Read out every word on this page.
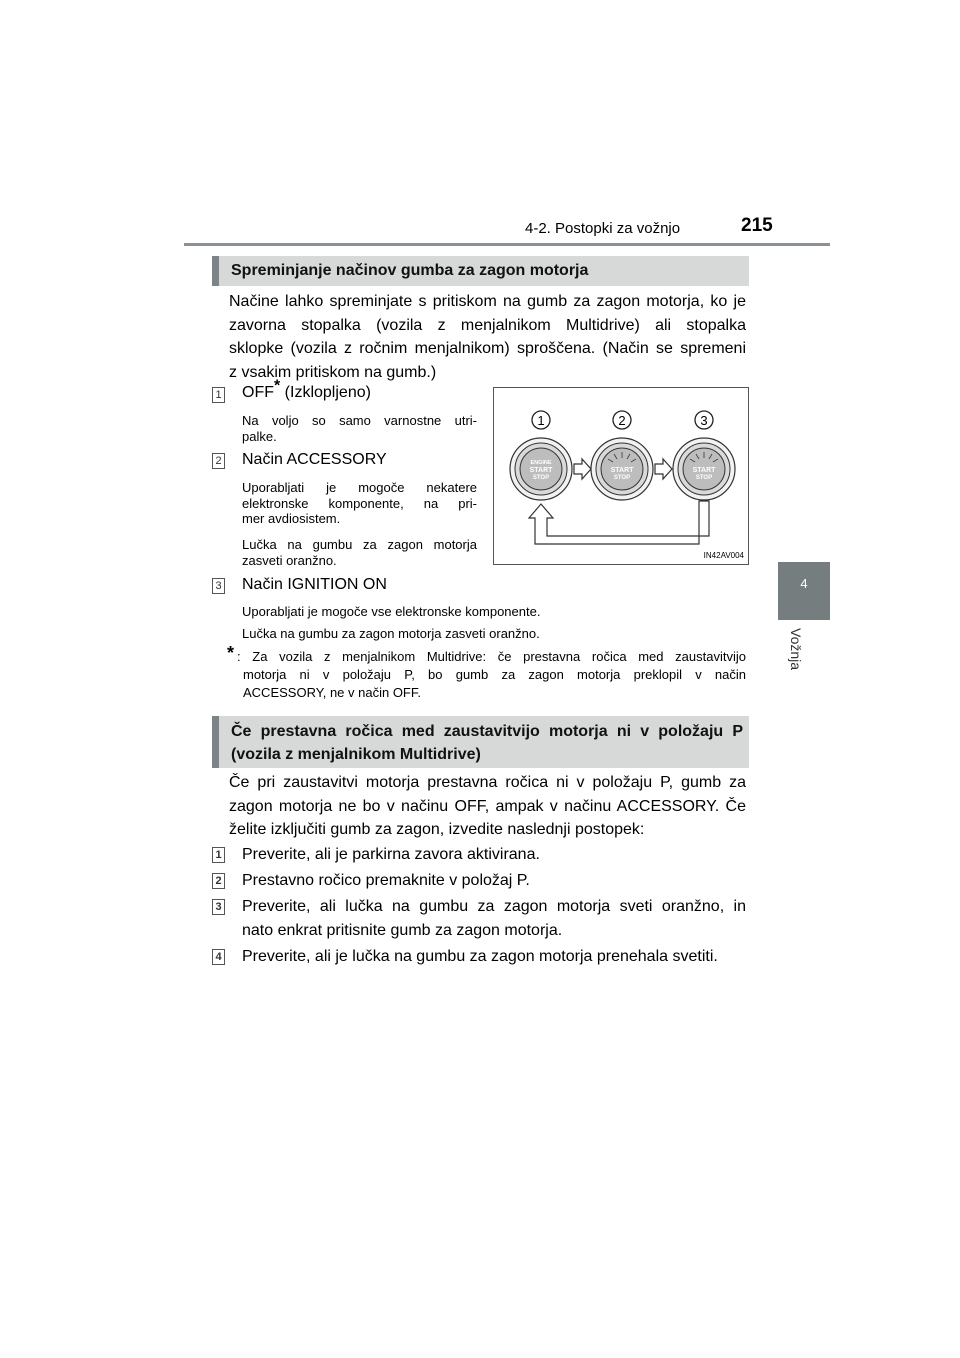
4-2. Postopki za vožnjo	215
4
Vožnja
Spreminjanje načinov gumba za zagon motorja
Načine lahko spreminjate s pritiskom na gumb za zagon motorja, ko je
zavorna stopalka (vozila z menjalnikom Multidrive) ali stopalka
sklopke (vozila z ročnim menjalnikom) sproščena. (Način se spremeni
z vsakim pritiskom na gumb.)
1 OFF* (Izklopljeno)
Na voljo so samo varnostne utri-
palke.
2 Način ACCESSORY
Uporabljati je mogoče nekatere
elektronske komponente, na pri-
mer avdiosistem.
Lučka na gumbu za zagon motorja
zasveti oranžno.
1	2	3
ENGINE
START
STOP
START
STOP
START
STOP
IN42AV004
3 Način IGNITION ON
Uporabljati je mogoče vse elektronske komponente.
Lučka na gumbu za zagon motorja zasveti oranžno.
* : Za vozila z menjalnikom Multidrive: če prestavna ročica med zaustavitvijo
motorja ni v položaju P, bo gumb za zagon motorja preklopil v način
ACCESSORY, ne v način OFF.
Če prestavna ročica med zaustavitvijo motorja ni v položaju P
(vozila z menjalnikom Multidrive)
Če pri zaustavitvi motorja prestavna ročica ni v položaju P, gumb za
zagon motorja ne bo v načinu OFF, ampak v načinu ACCESSORY. Če
želite izključiti gumb za zagon, izvedite naslednji postopek:
1 Preverite, ali je parkirna zavora aktivirana.
2 Prestavno ročico premaknite v položaj P.
3 Preverite, ali lučka na gumbu za zagon motorja sveti oranžno, in
nato enkrat pritisnite gumb za zagon motorja.
4 Preverite, ali je lučka na gumbu za zagon motorja prenehala svetiti.
